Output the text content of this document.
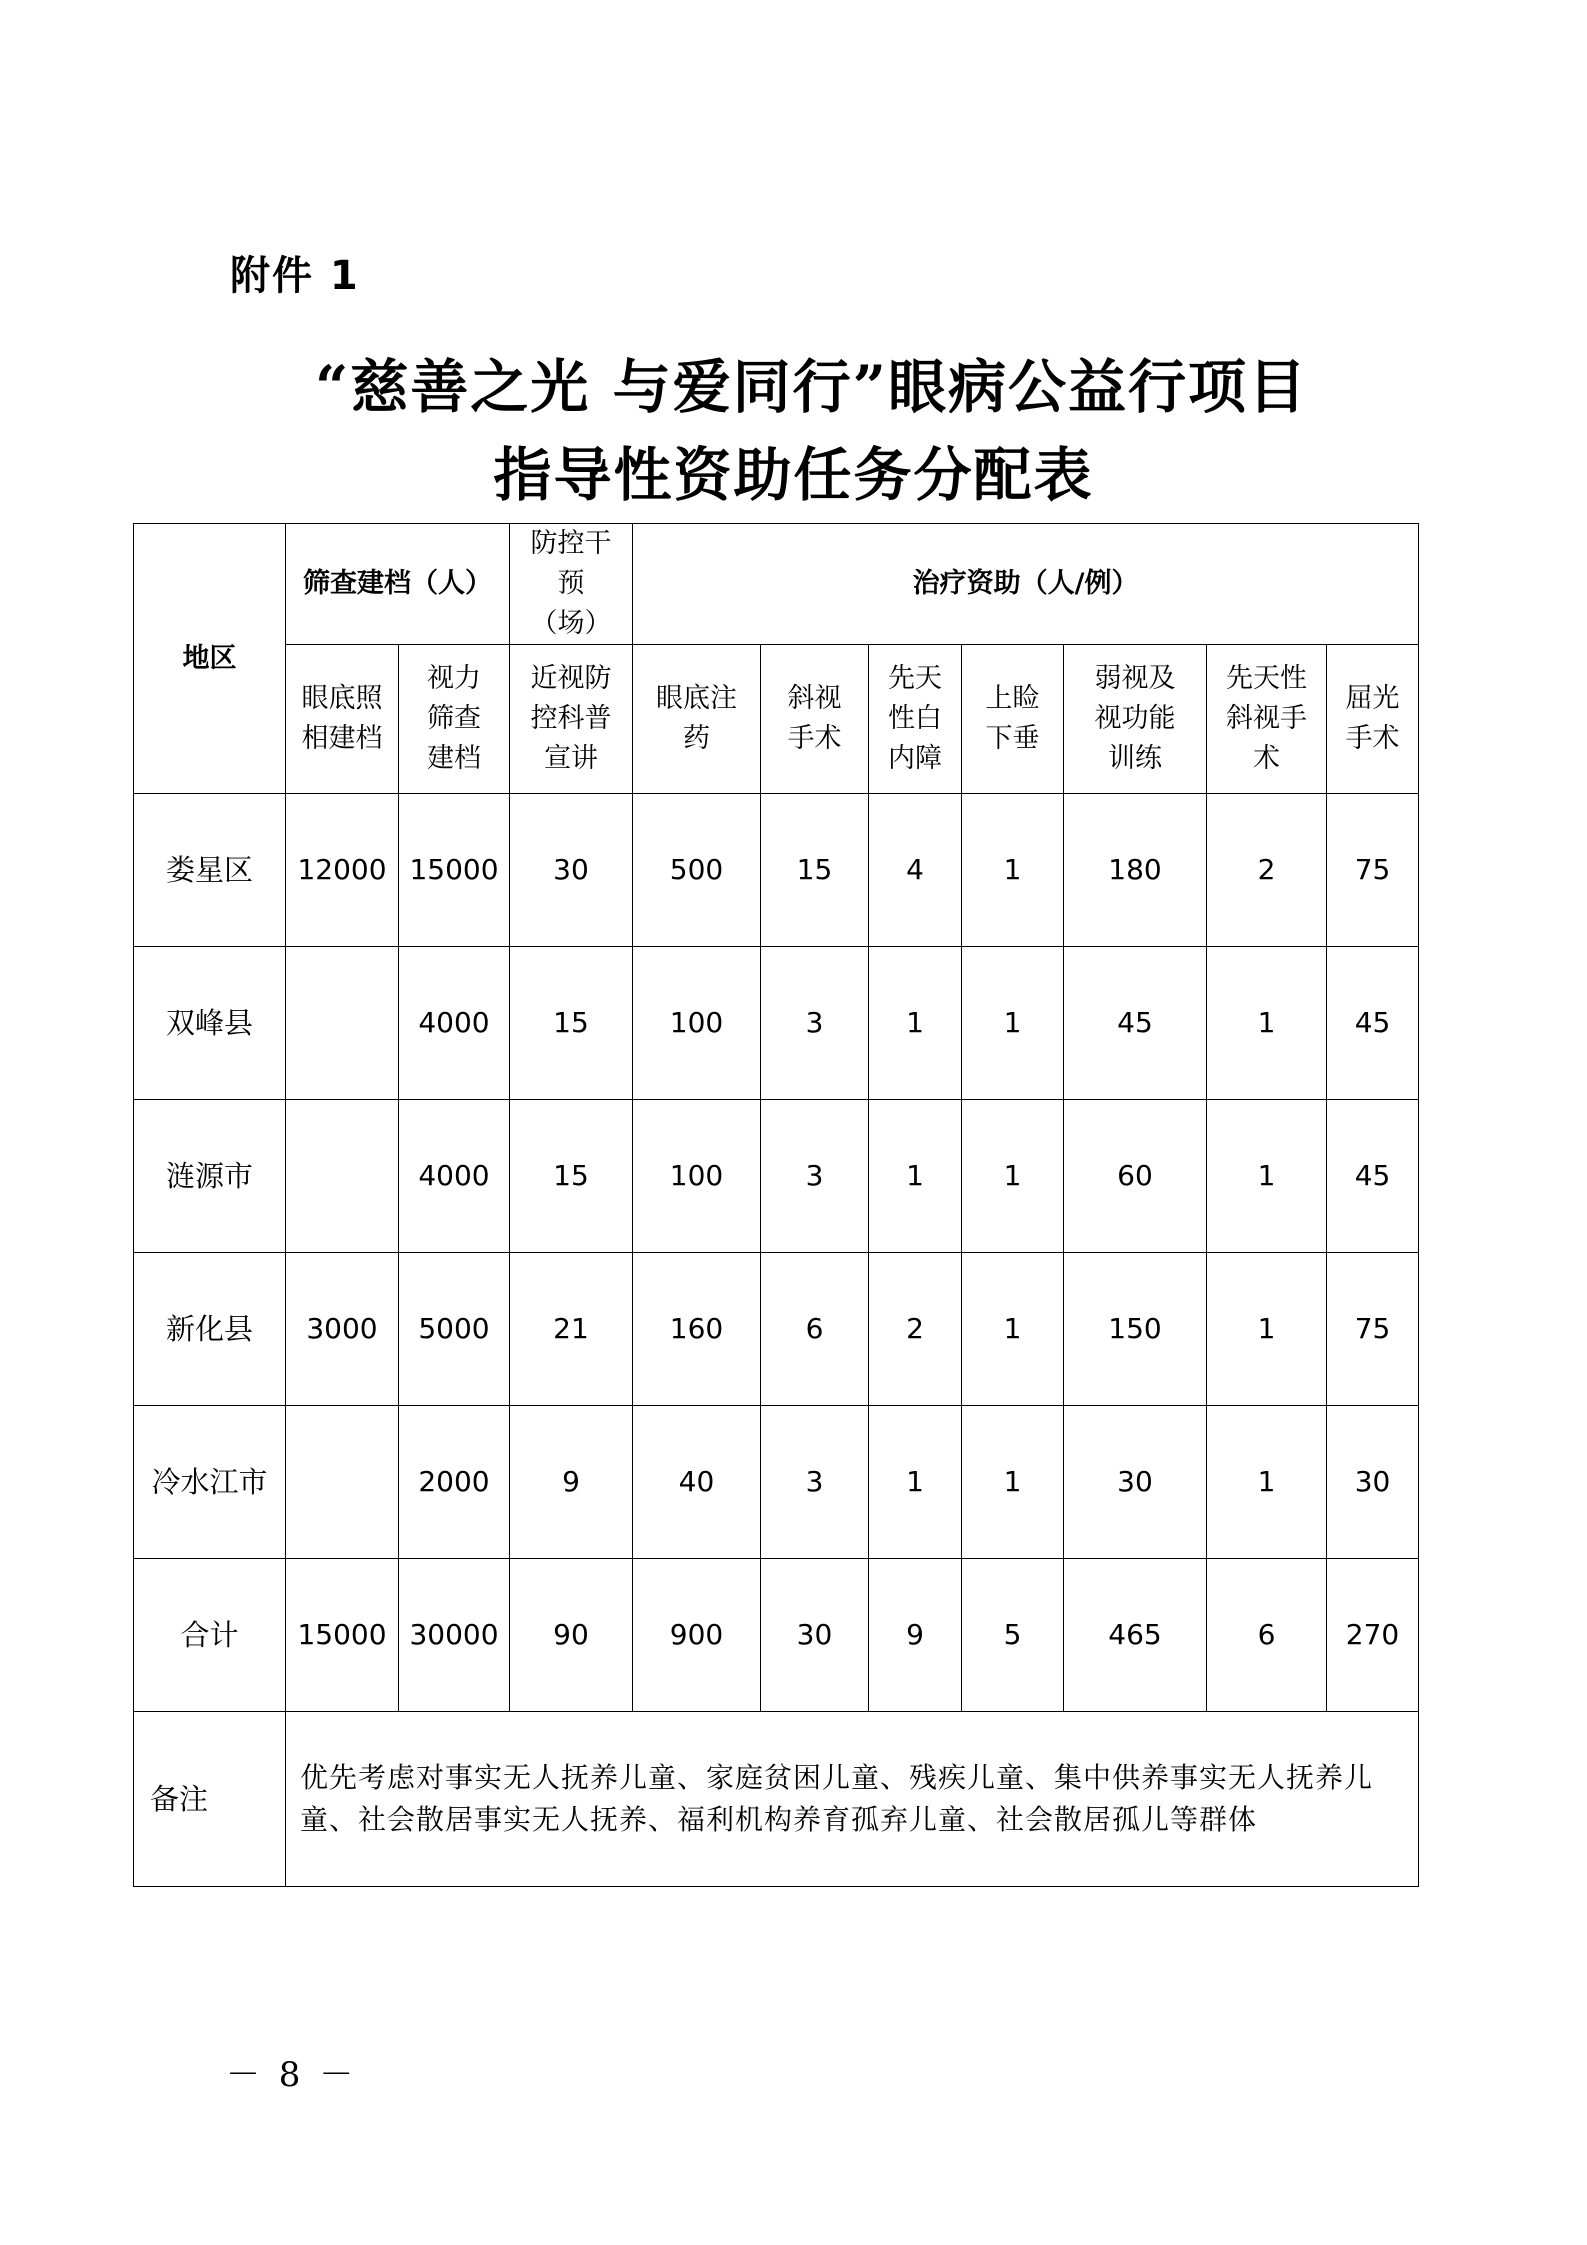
附件 1
“慈善之光 与爱同行”眼病公益行项目
指导性资助任务分配表
地区	筛查建档（人）		防控干预（场）	治疗资助（人/例）						
	眼底照相建档	视力筛查建档	近视防控科普宣讲	眼底注药	斜视手术	先天性白内障	上睑下垂	弱视及视功能训练	先天性斜视手术	屈光手术
娄星区	12000	15000	30	500	15	4	1	180	2	75
双峰县		4000	15	100	3	1	1	45	1	45
涟源市		4000	15	100	3	1	1	60	1	45
新化县	3000	5000	21	160	6	2	1	150	1	75
冷水江市		2000	9	40	3	1	1	30	1	30
合计	15000	30000	90	900	30	9	5	465	6	270
备注	优先考虑对事实无人抚养儿童、家庭贫困儿童、残疾儿童、集中供养事实无人抚养儿童、社会散居事实无人抚养、福利机构养育孤弃儿童、社会散居孤儿等群体									
－ 8 －
